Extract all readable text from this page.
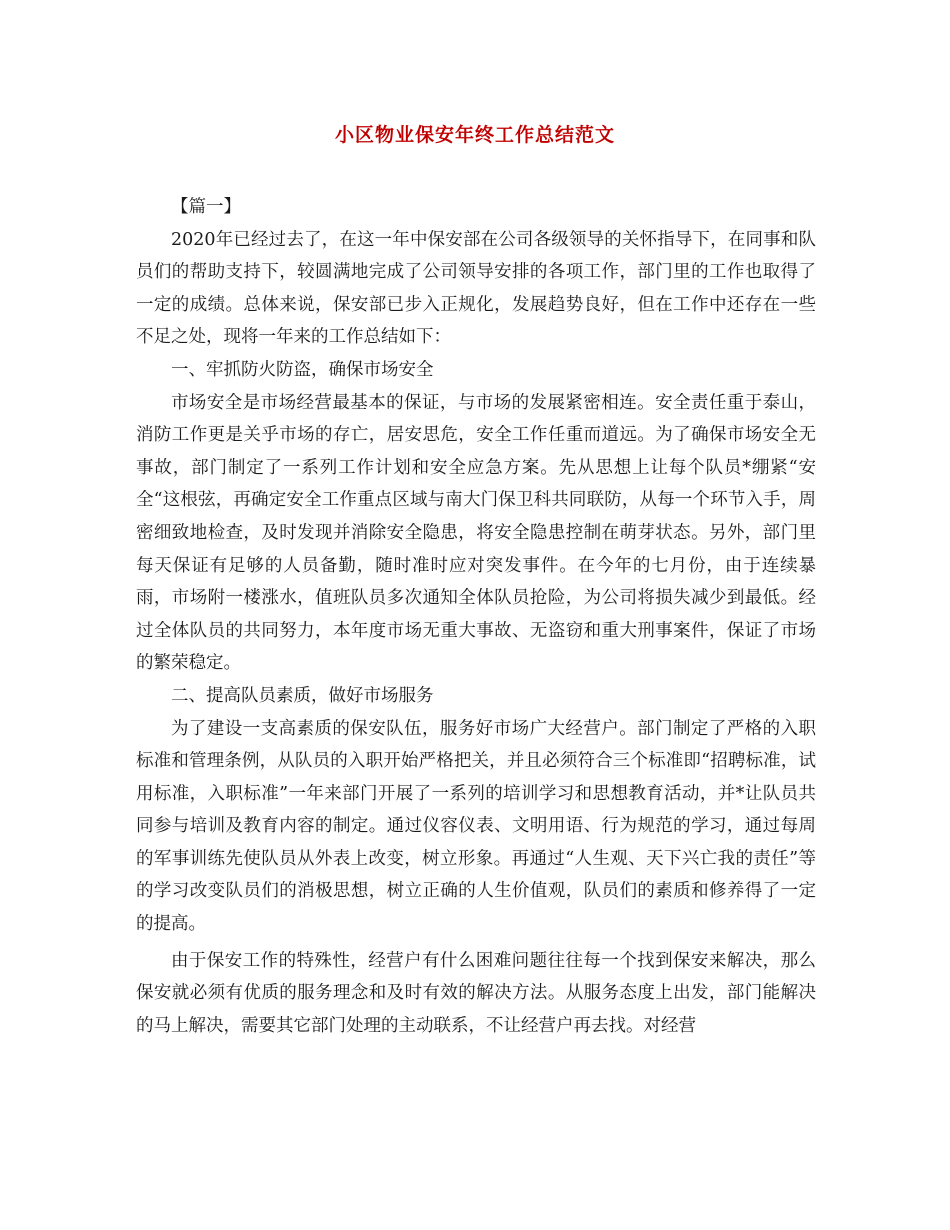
小区物业保安年终工作总结范文

【篇一】

2020年已经过去了，在这一年中保安部在公司各级领导的关怀指导下，在同事和队员们的帮助支持下，较圆满地完成了公司领导安排的各项工作，部门里的工作也取得了一定的成绩。总体来说，保安部已步入正规化，发展趋势良好，但在工作中还存在一些不足之处，现将一年来的工作总结如下：

一、牢抓防火防盗，确保市场安全

市场安全是市场经营最基本的保证，与市场的发展紧密相连。安全责任重于泰山，消防工作更是关乎市场的存亡，居安思危，安全工作任重而道远。为了确保市场安全无事故，部门制定了一系列工作计划和安全应急方案。先从思想上让每个队员*绷紧“安全“这根弦，再确定安全工作重点区域与南大门保卫科共同联防，从每一个环节入手，周密细致地检查，及时发现并消除安全隐患，将安全隐患控制在萌芽状态。另外，部门里每天保证有足够的人员备勤，随时准时应对突发事件。在今年的七月份，由于连续暴雨，市场附一楼涨水，值班队员多次通知全体队员抢险，为公司将损失减少到最低。经过全体队员的共同努力，本年度市场无重大事故、无盗窃和重大刑事案件，保证了市场的繁荣稳定。

二、提高队员素质，做好市场服务

为了建设一支高素质的保安队伍，服务好市场广大经营户。部门制定了严格的入职标准和管理条例，从队员的入职开始严格把关，并且必须符合三个标准即“招聘标准，试用标准，入职标准”一年来部门开展了一系列的培训学习和思想教育活动，并*让队员共同参与培训及教育内容的制定。通过仪容仪表、文明用语、行为规范的学习，通过每周的军事训练先使队员从外表上改变，树立形象。再通过“人生观、天下兴亡我的责任”等的学习改变队员们的消极思想，树立正确的人生价值观，队员们的素质和修养得了一定的提高。

由于保安工作的特殊性，经营户有什么困难问题往往每一个找到保安来解决，那么保安就必须有优质的服务理念和及时有效的解决方法。从服务态度上出发，部门能解决的马上解决，需要其它部门处理的主动联系，不让经营户再去找。对经营
